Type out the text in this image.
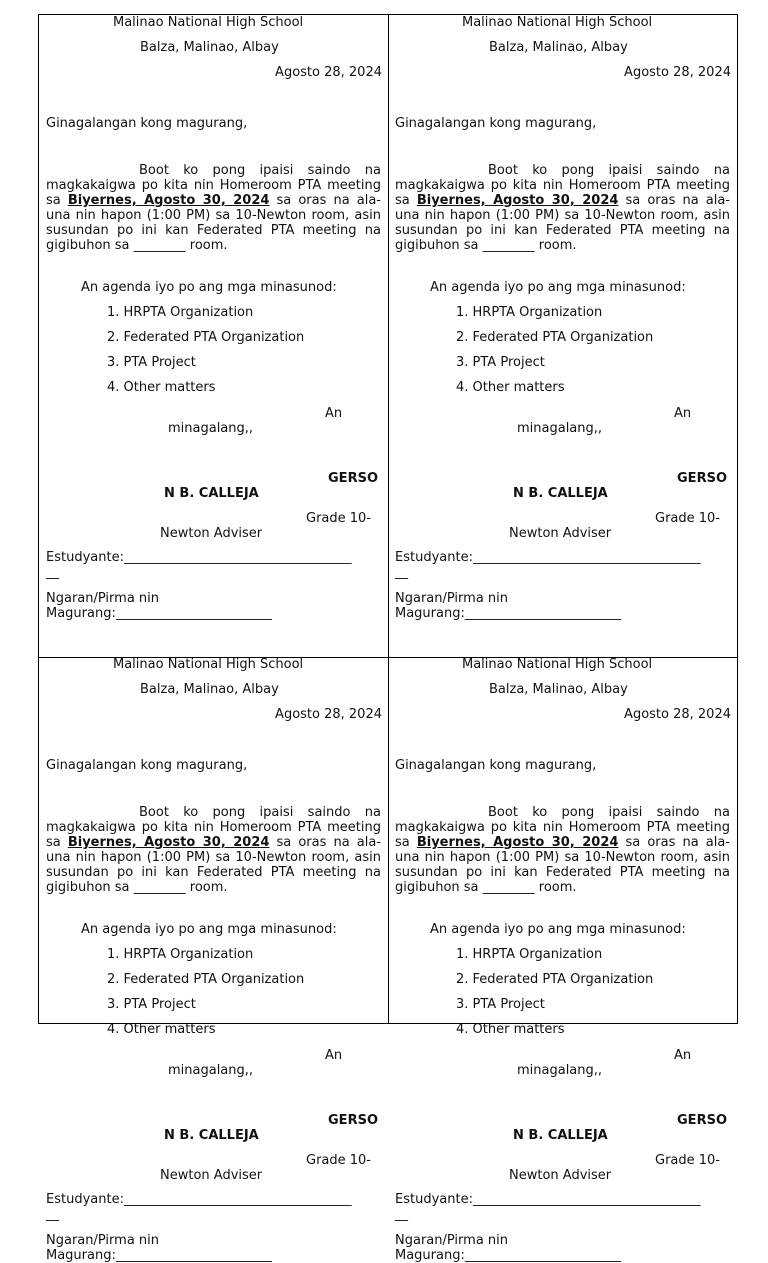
Malinao National High School
Balza, Malinao, Albay
Agosto 28, 2024
Ginagalangan kong magurang,
Boot ko pong ipaisi saindo na magkakaigwa po kita nin Homeroom PTA meeting sa Biyernes, Agosto 30, 2024 sa oras na ala-una nin hapon (1:00 PM) sa 10-Newton room, asin susundan po ini kan Federated PTA meeting na gigibuhon sa ________ room.
An agenda iyo po ang mga minasunod:
1. HRPTA Organization
2. Federated PTA Organization
3. PTA Project
4. Other matters
An
minagalang,,
GERSO
N B. CALLEJA
Grade 10-
Newton Adviser
Estudyante:___________________________________
__
Ngaran/Pirma nin
Magurang:________________________
Malinao National High School
Balza, Malinao, Albay
Agosto 28, 2024
Ginagalangan kong magurang,
Boot ko pong ipaisi saindo na magkakaigwa po kita nin Homeroom PTA meeting sa Biyernes, Agosto 30, 2024 sa oras na ala-una nin hapon (1:00 PM) sa 10-Newton room, asin susundan po ini kan Federated PTA meeting na gigibuhon sa ________ room.
An agenda iyo po ang mga minasunod:
1. HRPTA Organization
2. Federated PTA Organization
3. PTA Project
4. Other matters
An
minagalang,,
GERSO
N B. CALLEJA
Grade 10-
Newton Adviser
Estudyante:___________________________________
__
Ngaran/Pirma nin
Magurang:________________________
Malinao National High School
Balza, Malinao, Albay
Agosto 28, 2024
Ginagalangan kong magurang,
Boot ko pong ipaisi saindo na magkakaigwa po kita nin Homeroom PTA meeting sa Biyernes, Agosto 30, 2024 sa oras na ala-una nin hapon (1:00 PM) sa 10-Newton room, asin susundan po ini kan Federated PTA meeting na gigibuhon sa ________ room.
An agenda iyo po ang mga minasunod:
1. HRPTA Organization
2. Federated PTA Organization
3. PTA Project
4. Other matters
An
minagalang,,
GERSO
N B. CALLEJA
Grade 10-
Newton Adviser
Estudyante:___________________________________
__
Ngaran/Pirma nin
Magurang:________________________
Malinao National High School
Balza, Malinao, Albay
Agosto 28, 2024
Ginagalangan kong magurang,
Boot ko pong ipaisi saindo na magkakaigwa po kita nin Homeroom PTA meeting sa Biyernes, Agosto 30, 2024 sa oras na ala-una nin hapon (1:00 PM) sa 10-Newton room, asin susundan po ini kan Federated PTA meeting na gigibuhon sa ________ room.
An agenda iyo po ang mga minasunod:
1. HRPTA Organization
2. Federated PTA Organization
3. PTA Project
4. Other matters
An
minagalang,,
GERSO
N B. CALLEJA
Grade 10-
Newton Adviser
Estudyante:___________________________________
__
Ngaran/Pirma nin
Magurang:________________________
